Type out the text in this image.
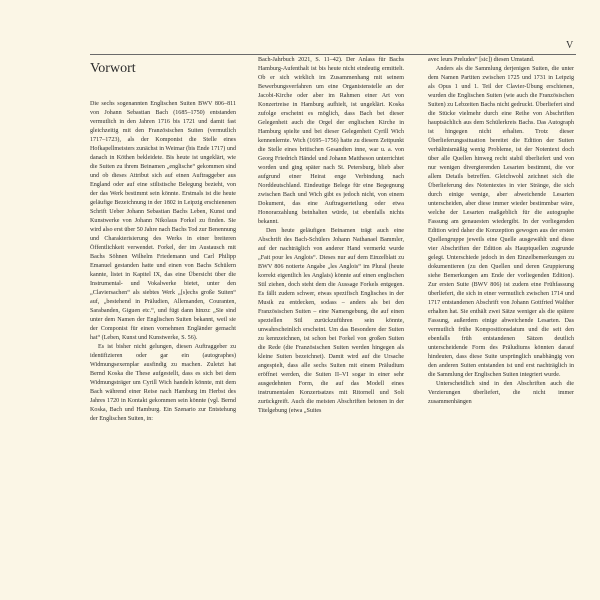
V
Vorwort

Die sechs sogenannten Englischen Suiten BWV 806–811 von Johann Sebastian Bach (1685–1750) entstanden vermutlich in den Jahren 1716 bis 1721 und damit fast gleichzeitig mit den Französischen Suiten (vermutlich 1717–1723), als der Komponist die Stelle eines Hofkapellmeisters zunächst in Weimar (bis Ende 1717) und danach in Köthen bekleidete. Bis heute ist ungeklärt, wie die Suiten zu ihrem Beinamen „englische“ gekommen sind und ob dieses Attribut sich auf einen Auftraggeber aus England oder auf eine stilistische Belegung bezieht, von der das Werk bestimmt sein könnte. Erstmals ist die heute geläufige Bezeichnung in der 1802 in Leipzig erschienenen Schrift Ueber Johann Sebastian Bachs Leben, Kunst und Kunstwerke von Johann Nikolaus Forkel zu finden. Sie wird also erst über 50 Jahre nach Bachs Tod zur Benennung und Charakterisierung des Werks in einer breiteren Öffentlichkeit verwendet. Forkel, der im Austausch mit Bachs Söhnen Wilhelm Friedemann und Carl Philipp Emanuel gestanden hatte und einen von Bachs Schülern kannte, listet in Kapitel IX, das eine Übersicht über die Instrumental- und Vokalwerke bietet, unter den „Claviersachen“ als siebtes Werk „[s]echs große Suiten“ auf, „bestehend in Präludien, Allemanden, Couranten, Sarabanden, Giguen etc.“, und fügt dann hinzu: „Sie sind unter dem Namen der Englischen Suiten bekannt, weil sie der Componist für einen vornehmen Engländer gemacht hat“ (Leben, Kunst und Kunstwerke, S. 56).

Es ist bisher nicht gelungen, diesen Auftraggeber zu identifizieren oder gar ein (autographes) Widmungsexemplar ausfindig zu machen. Zuletzt hat Bernd Koska die These aufgestellt, dass es sich bei dem Widmungsträger um Cyrill Wich handeln könnte, mit dem Bach während einer Reise nach Hamburg im Herbst des Jahres 1720 in Kontakt gekommen sein könnte (vgl. Bernd Koska, Bach und Hamburg. Ein Szenario zur Entstehung der Englischen Suiten, in:

Bach-Jahrbuch 2021, S. 11–42). Der Anlass für Bachs Hamburg-Aufenthalt ist bis heute nicht eindeutig ermittelt. Ob er sich wirklich im Zusammenhang mit seinem Bewerbungsverfahren um eine Organistenstelle an der Jacobi-Kirche oder aber im Rahmen einer Art von Konzertreise in Hamburg aufhielt, ist ungeklärt. Koska zufolge erscheint es möglich, dass Bach bei dieser Gelegenheit auch die Orgel der englischen Kirche in Hamburg spielte und bei dieser Gelegenheit Cyrill Wich kennenlernte. Wich (1695–1756) hatte zu diesem Zeitpunkt die Stelle eines britischen Gesandten inne, war u. a. von Georg Friedrich Händel und Johann Mattheson unterrichtet worden und ging später nach St. Petersburg, blieb aber aufgrund einer Heirat enge Verbindung nach Norddeutschland. Eindeutige Belege für eine Begegnung zwischen Bach und Wich gibt es jedoch nicht, von einem Dokument, das eine Auftragserteilung oder etwa Honorarzahlung beinhalten würde, ist ebenfalls nichts bekannt.

Den heute geläufigen Beinamen trägt auch eine Abschrift des Bach-Schülers Johann Nathanael Bammler, auf der nachträglich von anderer Hand vermerkt wurde „Fait pour les Anglois“. Dieses nur auf dem Einzelblatt zu BWV 806 notierte Angabe „les Anglois“ im Plural (heute korrekt eigentlich les Anglais) könnte auf einen englischen Stil ziehen, doch steht dem die Aussage Forkels entgegen. Es fällt zudem schwer, etwas spezifisch Englisches in der Musik zu entdecken, sodass – anders als bei den Französischen Suiten – eine Namengebung, die auf einen speziellen Stil zurückzuführen sein könnte, unwahrscheinlich erscheint. Um das Besondere der Suiten zu kennzeichnen, ist schon bei Forkel von großen Suiten die Rede (die Französischen Suiten werden hingegen als kleine Suiten bezeichnet). Damit wird auf die Ursache angespielt, dass alle sechs Suiten mit einem Präludium eröffnet werden, die Suiten II–VI sogar in einer sehr ausgedehnten Form, die auf das Modell eines instrumentalen Konzertsatzes mit Ritornell und Soli zurückgreift. Auch die meisten Abschriften betonen in der Titelgebung (etwa „Suites

avec leurs Preludes“ [sic]) diesen Umstand.

Anders als die Sammlung derjenigen Suiten, die unter dem Namen Partiten zwischen 1725 und 1731 in Leipzig als Opus 1 und 1. Teil der Clavier-Übung erschienen, wurden die Englischen Suiten (wie auch die Französischen Suiten) zu Lebzeiten Bachs nicht gedruckt. Überliefert sind die Stücke vielmehr durch eine Reihe von Abschriften hauptsächlich aus dem Schülerkreis Bachs. Das Autograph ist hingegen nicht erhalten. Trotz dieser Überlieferungssituation bereitet die Edition der Suiten verhältnismäßig wenig Probleme, ist der Notentext doch über alle Quellen hinweg recht stabil überliefert und von nur wenigen divergierenden Lesarten bestimmt, die vor allem Details betreffen. Gleichwohl zeichnet sich die Überlieferung des Notentextes in vier Stränge, die sich durch einige wenige, aber abweichende Lesarten unterscheiden, aber diese immer wieder bestimmbar wäre, welche der Lesarten maßgeblich für die autographe Fassung am genauesten wiedergibt. In der vorliegenden Edition wird daher die Konzeption gewogen aus der ersten Quellengruppe jeweils eine Quelle ausgewählt und diese vier Abschriften der Edition als Hauptquellen zugrunde gelegt. Unterschiede jedoch in den Einzelbemerkungen zu dokumentieren (zu den Quellen und deren Gruppierung siehe Bemerkungen am Ende der vorliegenden Edition). Zur ersten Suite (BWV 806) ist zudem eine Frühfassung überliefert, die sich in einer vermutlich zwischen 1714 und 1717 entstandenen Abschrift von Johann Gottfried Walther erhalten hat. Sie enthält zwei Sätze weniger als die spätere Fassung, außerdem einige abweichende Lesarten. Das vermutlich frühe Kompositionsdatum und die seit den ebenfalls früh entstandenen Sätzen deutlich unterscheidende Form des Präludiums könnten darauf hindeuten, dass diese Suite ursprünglich unabhängig von den anderen Suiten entstanden ist und erst nachträglich in die Sammlung der Englischen Suiten integriert wurde.

Unterscheidlich sind in den Abschriften auch die Verzierungen überliefert, die nicht immer zusammenhängen
